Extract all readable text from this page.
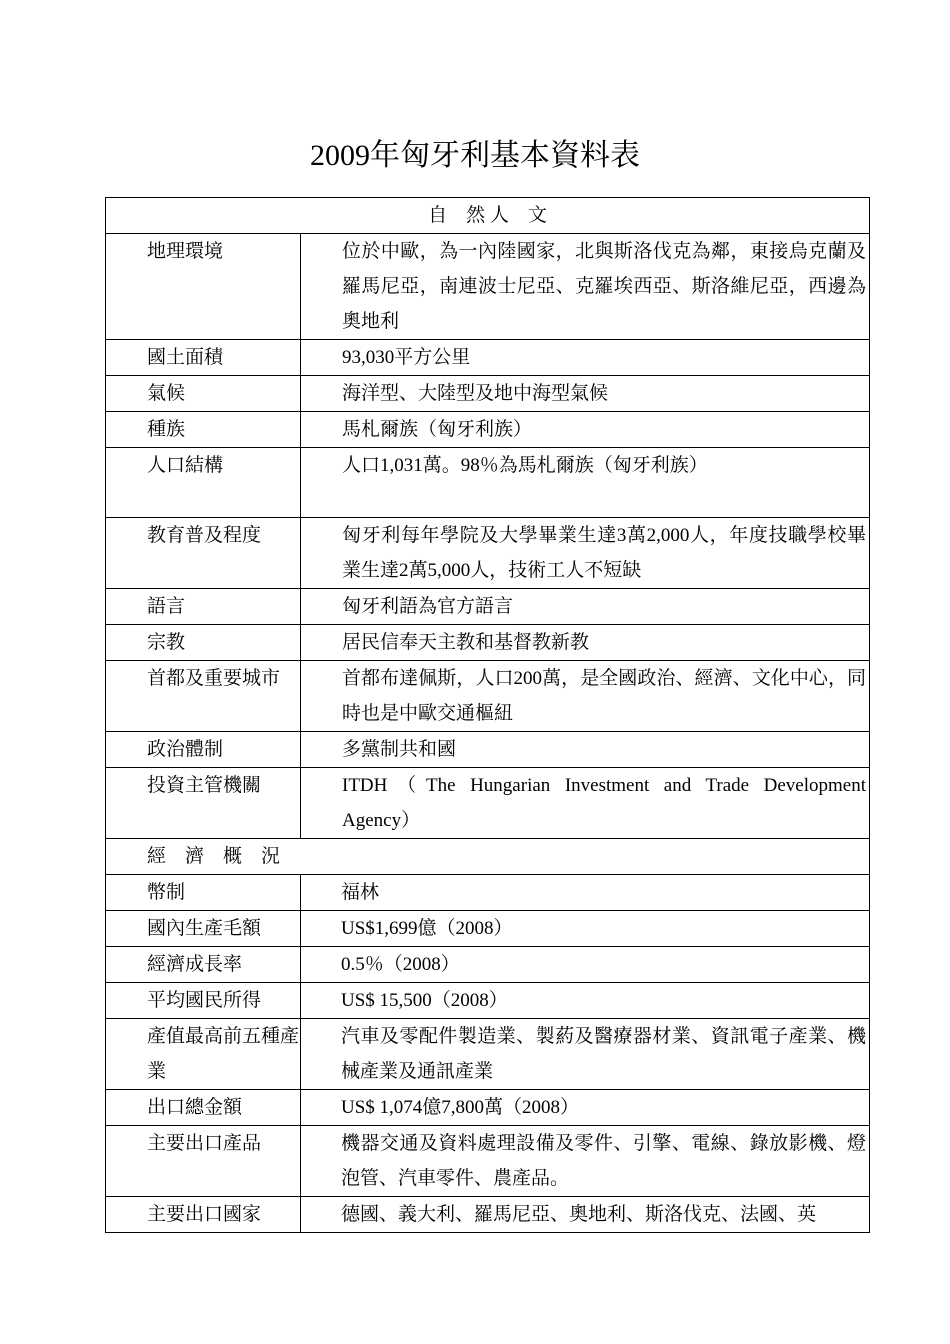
2009年匈牙利基本資料表
自　然 人　文	
地理環境	位於中歐，為一內陸國家，北與斯洛伐克為鄰，東接烏克蘭及羅馬尼亞，南連波士尼亞、克羅埃西亞、斯洛維尼亞，西邊為奧地利
國土面積	93,030平方公里
氣候	海洋型、大陸型及地中海型氣候
種族	馬札爾族（匈牙利族）
人口結構	人口1,031萬。98％為馬札爾族（匈牙利族）
教育普及程度	匈牙利每年學院及大學畢業生達3萬2,000人，年度技職學校畢業生達2萬5,000人，技術工人不短缺
語言	匈牙利語為官方語言
宗教	居民信奉天主教和基督教新教
首都及重要城市	首都布達佩斯，人口200萬，是全國政治、經濟、文化中心，同時也是中歐交通樞紐
政治體制	多黨制共和國
投資主管機關	ITDH（The Hungarian Investment and Trade Development Agency）
經　濟　概　況	
幣制	福林
國內生產毛額	US$1,699億（2008）
經濟成長率	0.5％（2008）
平均國民所得	US$ 15,500（2008）
產值最高前五種產業	汽車及零配件製造業、製葯及醫療器材業、資訊電子產業、機械產業及通訊產業
出口總金額	US$ 1,074億7,800萬（2008）
主要出口產品	機器交通及資料處理設備及零件、引擎、電線、錄放影機、燈泡管、汽車零件、農產品。
主要出口國家	德國、義大利、羅馬尼亞、奧地利、斯洛伐克、法國、英
